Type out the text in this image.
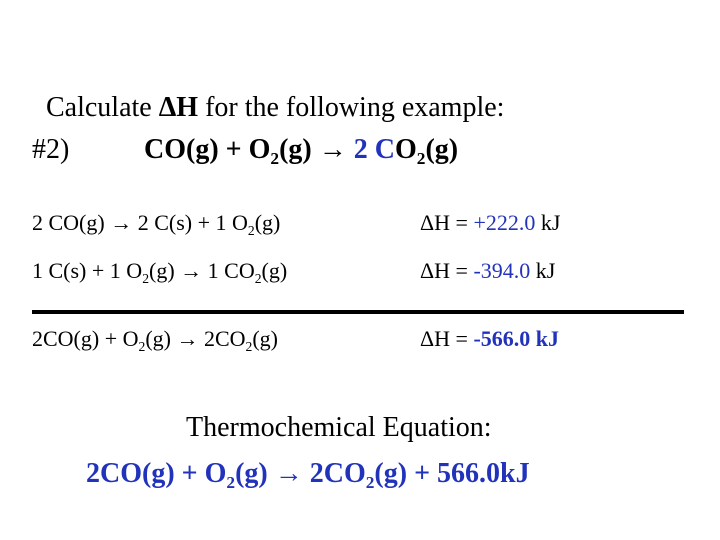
Calculate ΔH for the following example:
#2)	$CO(g) + O_2(g) \to 2$ $CO_2(g)$
2 CO(g) → 2 C(s) + 1 $O_2(g)$	ΔH = +222.0 kJ
1 C(s) + 1 $O_2(g) \to 1$ $CO_2(g)$	ΔH = -394.0 kJ
$2CO(g) + O_2(g) \to 2CO_2(g)$	ΔH = -566.0 kJ
Thermochemical Equation:
$2CO(g) + O_2(g) \to 2CO_2(g) + 566.0kJ$
